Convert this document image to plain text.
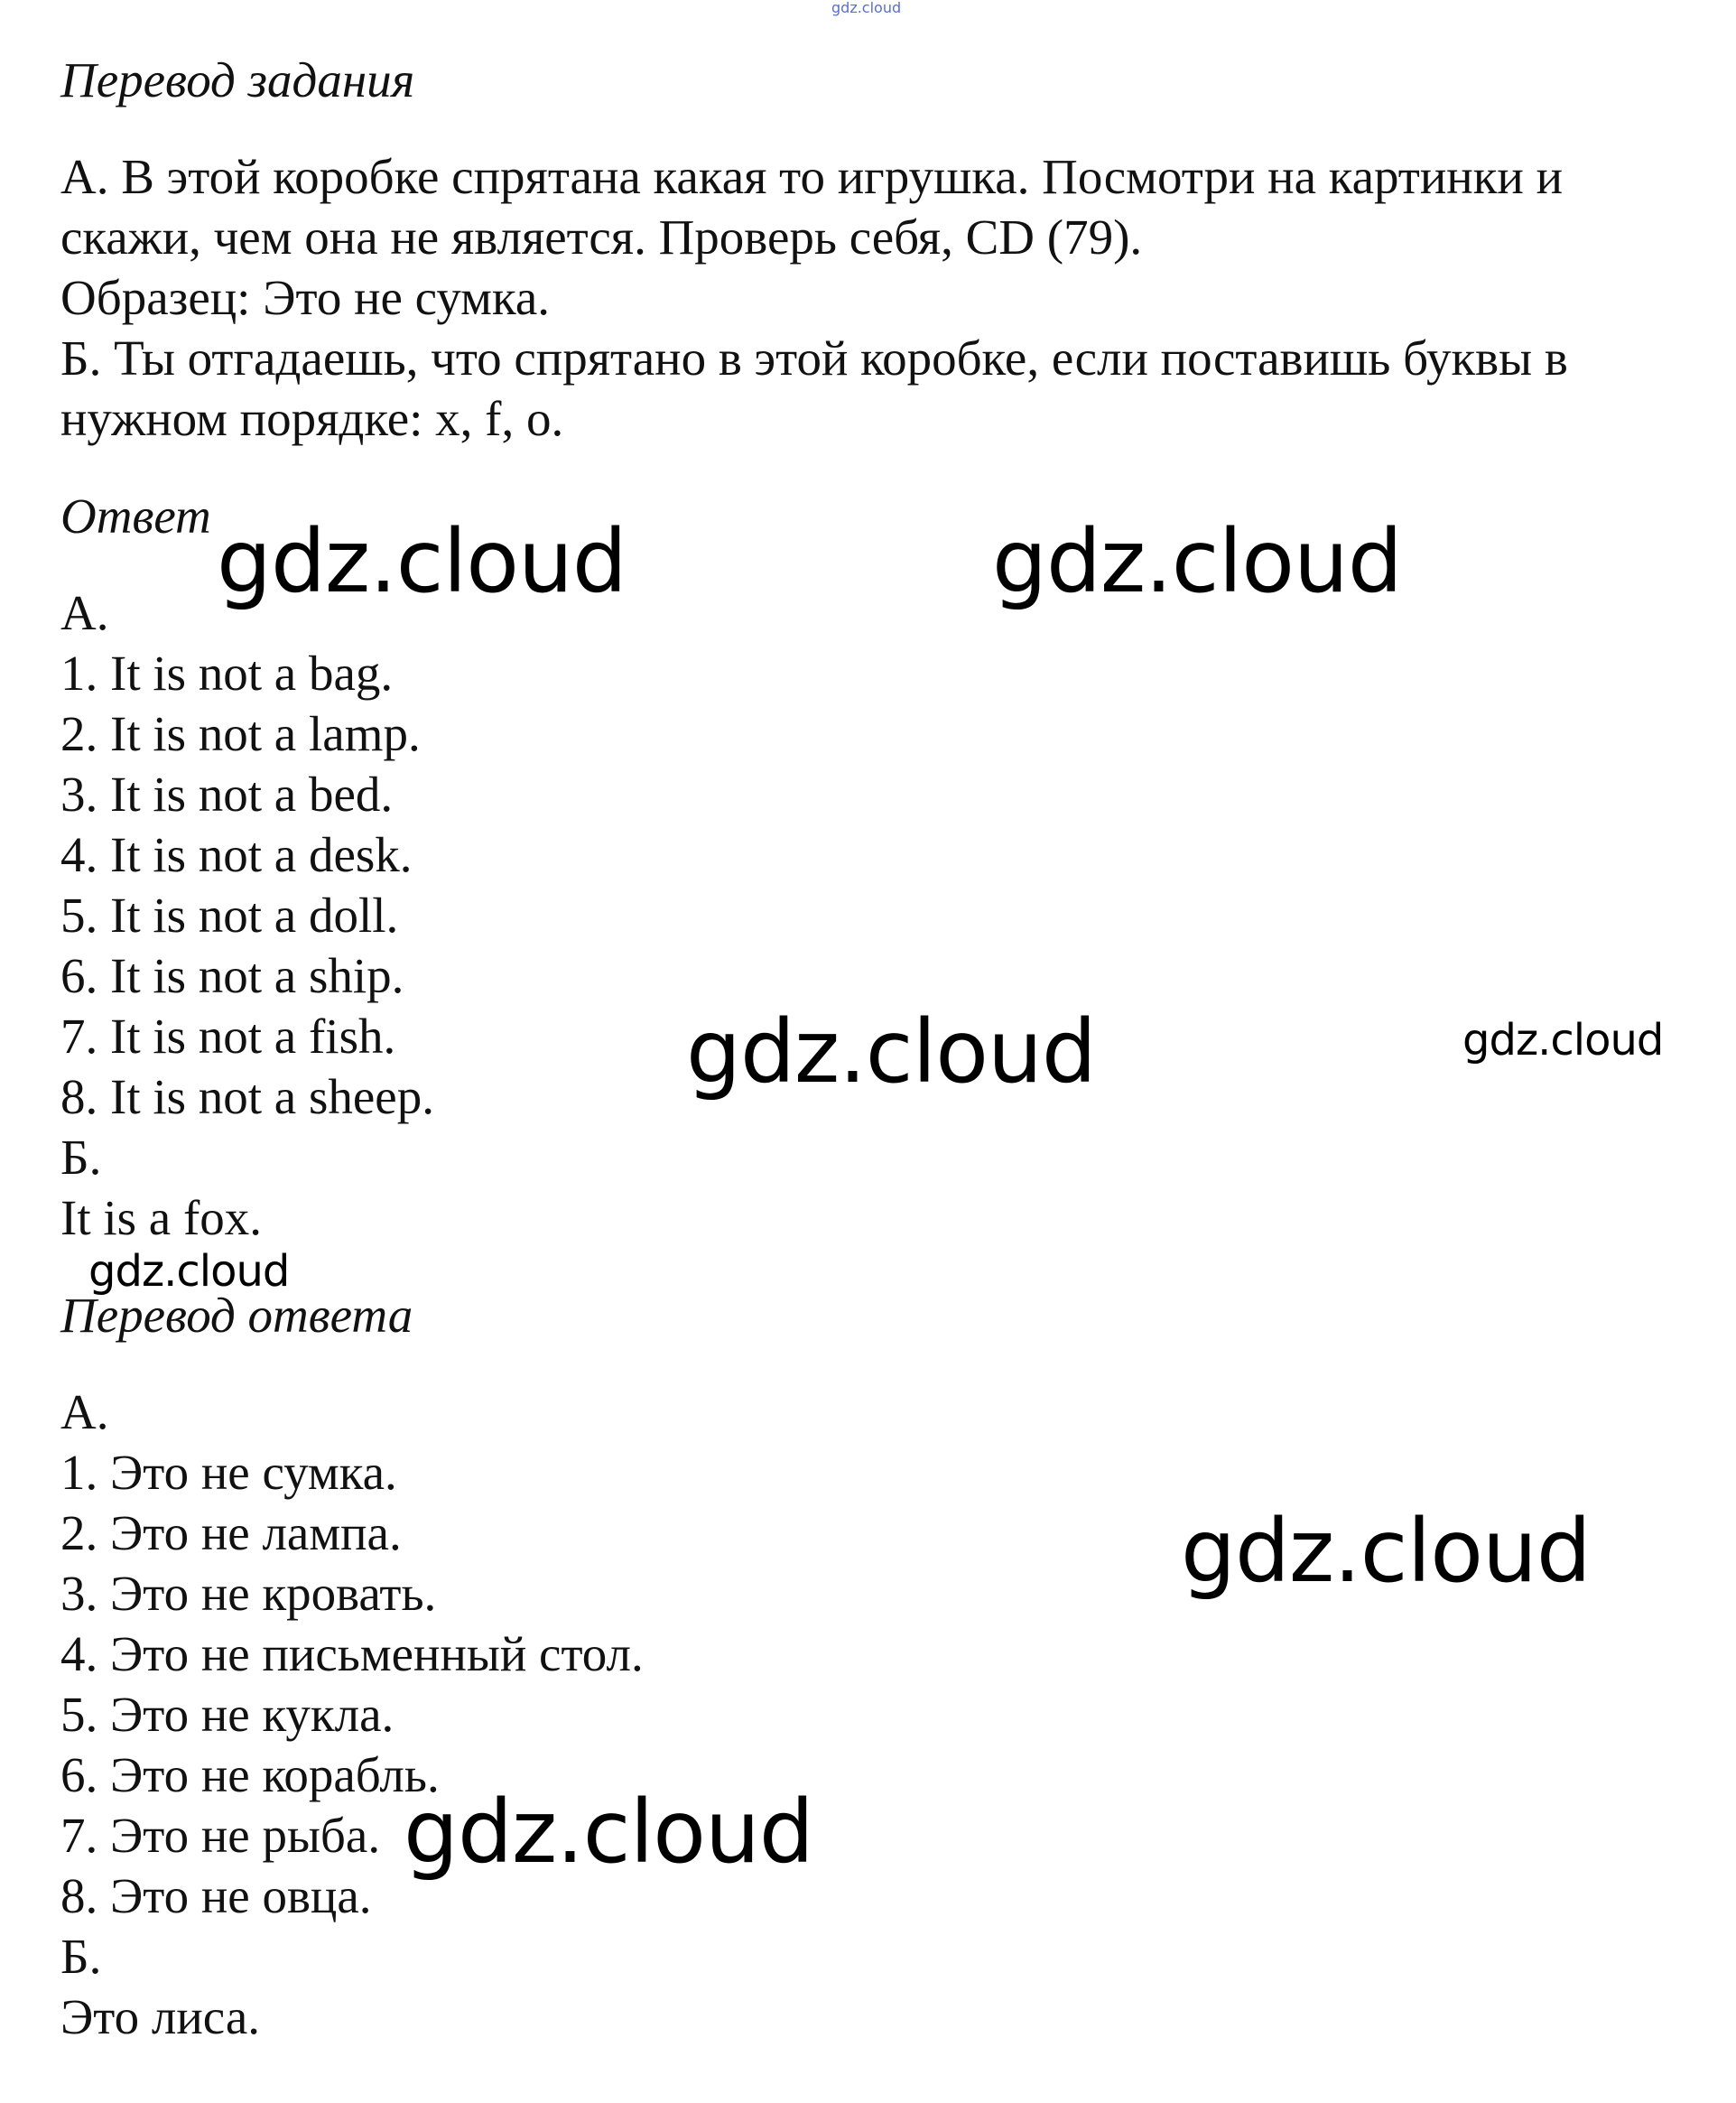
gdz.cloud
Перевод задания
А. В этой коробке спрятана какая то игрушка. Посмотри на картинки и
скажи, чем она не является. Проверь себя, CD (79).
Образец: Это не сумка.
Б. Ты отгадаешь, что спрятано в этой коробке, если поставишь буквы в
нужном порядке: x, f, o.
Ответ
A.
1. It is not a bag.
2. It is not a lamp.
3. It is not a bed.
4. It is not a desk.
5. It is not a doll.
6. It is not a ship.
7. It is not a fish.
8. It is not a sheep.
Б.
It is a fox.
Перевод ответа
А.
1. Это не сумка.
2. Это не лампа.
3. Это не кровать.
4. Это не письменный стол.
5. Это не кукла.
6. Это не корабль.
7. Это не рыба.
8. Это не овца.
Б.
Это лиса.
gdz.cloud	gdz.cloud
gdz.cloud	gdz.cloud
gdz.cloud
gdz.cloud
gdz.cloud
